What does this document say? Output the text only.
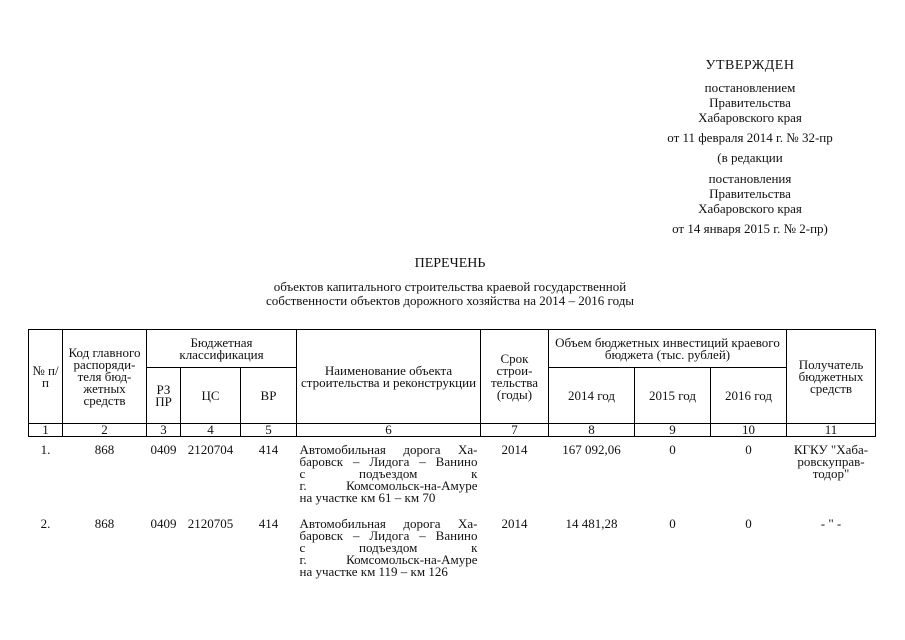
УТВЕРЖДЕН
постановлением
Правительства
Хабаровского края
от 11 февраля 2014 г. № 32-пр
(в редакции
постановления
Правительства
Хабаровского края
от 14 января 2015 г. № 2-пр)
ПЕРЕЧЕНЬ
объектов капитального строительства краевой государственной
собственности объектов дорожного хозяйства на 2014 – 2016 годы
№ п/п	Код главного распоряди- теля бюд- жетных средств	Бюджетная классификация			Наименование объекта строительства и реконструкции	Срок строи- тельства (годы)	Объем бюджетных инвестиций краевого бюджета (тыс. рублей)			Получатель бюджетных средств
		РЗ ПР	ЦС	ВР			2014 год	2015 год	2016 год	
1	2	3	4	5	6	7	8	9	10	11
1.	868	0409	2120704	414	Автомобильная дорога Ха-
баровск – Лидога – Ванино
с подъездом к
г. Комсомольск-на-Амуре
на участке км 61 – км 70	2014	167 092,06	0	0	КГКУ "Хаба- ровскуправ- тодор"
2.	868	0409	2120705	414	Автомобильная дорога Ха-
баровск – Лидога – Ванино
с подъездом к
г. Комсомольск-на-Амуре
на участке км 119 – км 126	2014	14 481,28	0	0	- " -
